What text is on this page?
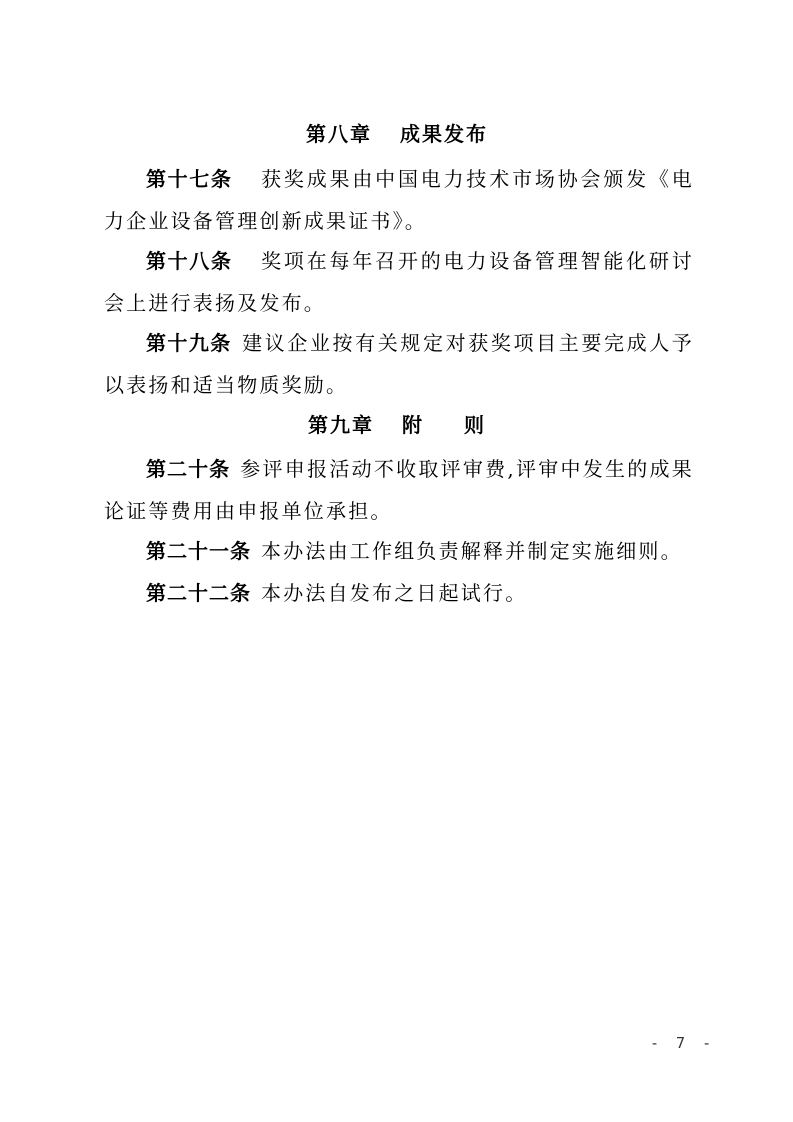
第八章 成果发布
第十七条 获奖成果由中国电力技术市场协会颁发《电力企业设备管理创新成果证书》。
第十八条 奖项在每年召开的电力设备管理智能化研讨会上进行表扬及发布。
第十九条 建议企业按有关规定对获奖项目主要完成人予以表扬和适当物质奖励。
第九章 附 则
第二十条 参评申报活动不收取评审费,评审中发生的成果论证等费用由申报单位承担。
第二十一条 本办法由工作组负责解释并制定实施细则。
第二十二条 本办法自发布之日起试行。
- 7 -
